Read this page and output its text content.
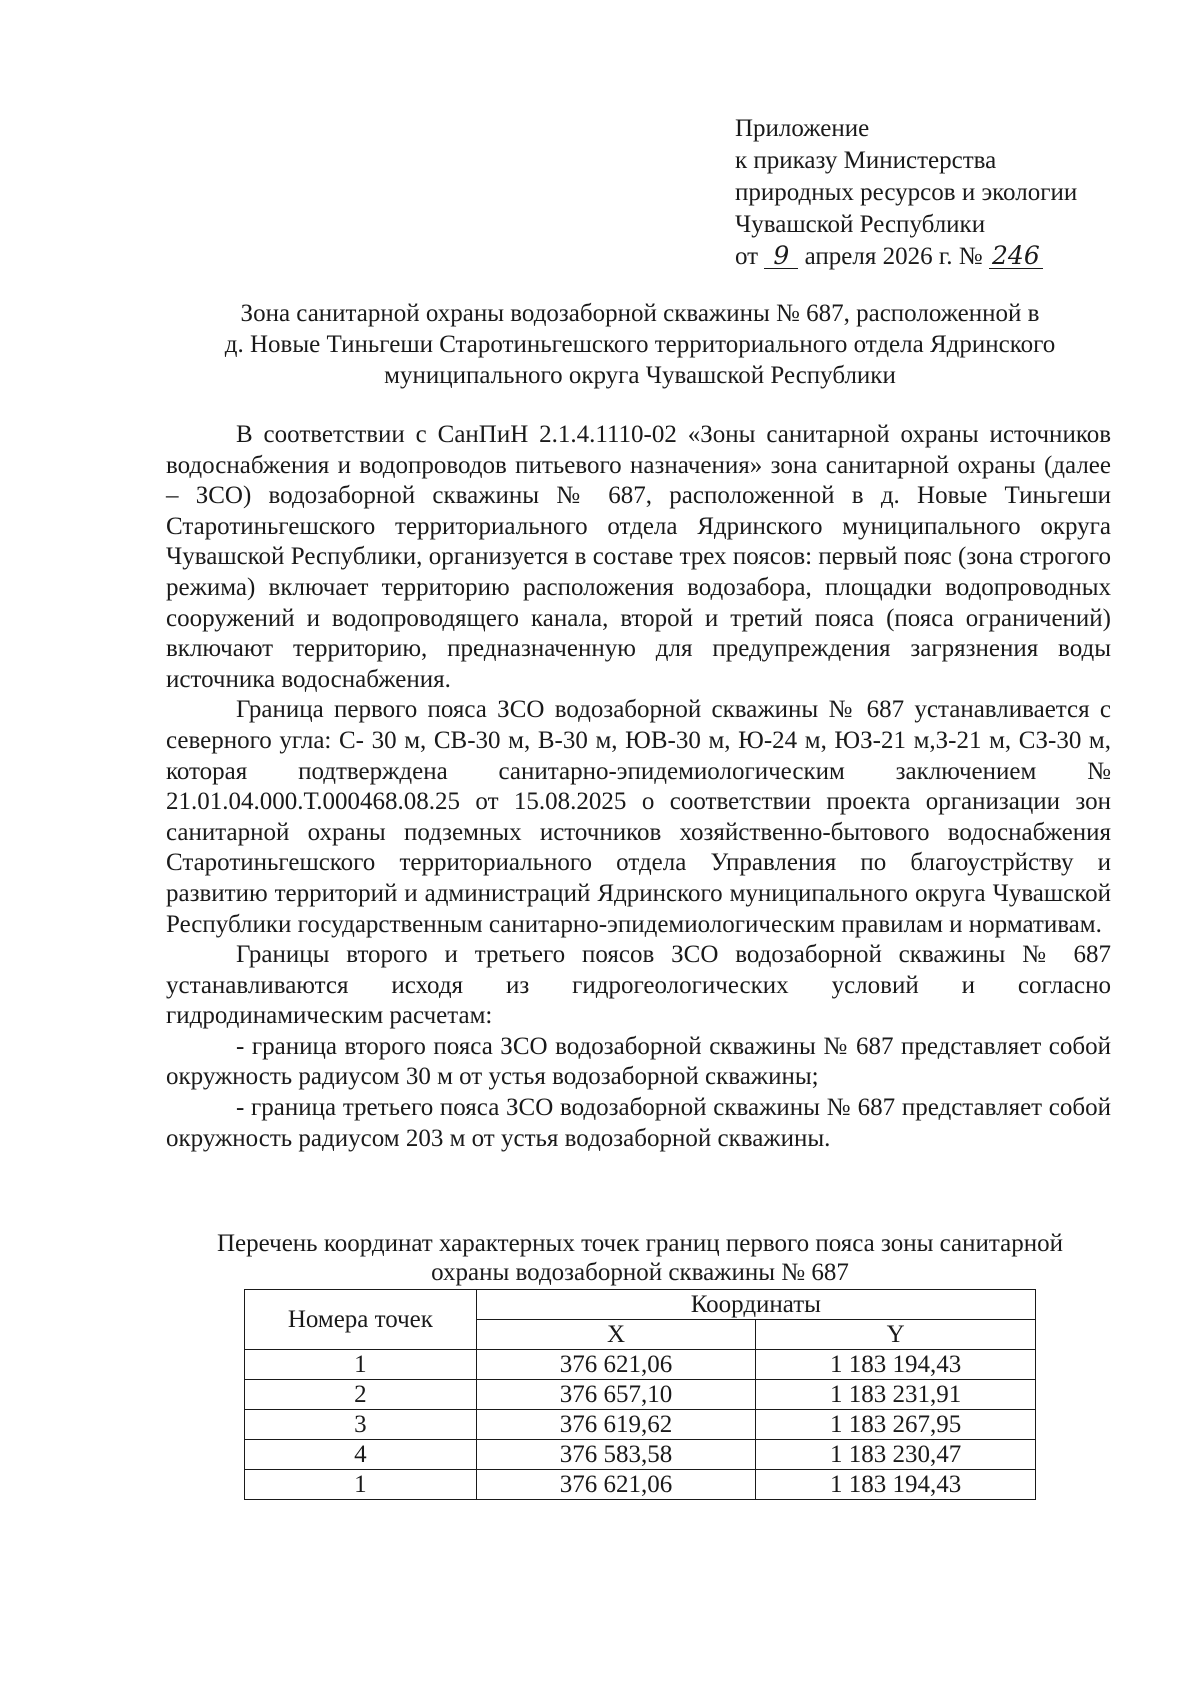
Приложение
к приказу Министерства
природных ресурсов и экологии
Чувашской Республики
от 9 апреля 2026 г. № 246
Зона санитарной охраны водозаборной скважины № 687, расположенной в
д. Новые Тиньгеши Старотиньгешского территориального отдела Ядринского
муниципального округа Чувашской Республики

В соответствии с СанПиН 2.1.4.1110-02 «Зоны санитарной охраны источников водоснабжения и водопроводов питьевого назначения» зона санитарной охраны (далее – ЗСО) водозаборной скважины № 687, расположенной в д. Новые Тиньгеши Старотиньгешского территориального отдела Ядринского муниципального округа Чувашской Республики, организуется в составе трех поясов: первый пояс (зона строгого режима) включает территорию расположения водозабора, площадки водопроводных сооружений и водопроводящего канала, второй и третий пояса (пояса ограничений) включают территорию, предназначенную для предупреждения загрязнения воды источника водоснабжения.

Граница первого пояса ЗСО водозаборной скважины № 687 устанавливается с северного угла: С- 30 м, СВ-30 м, В-30 м, ЮВ-30 м, Ю-24 м, ЮЗ-21 м,З-21 м, СЗ-30 м, которая подтверждена санитарно-эпидемиологическим заключением № 21.01.04.000.Т.000468.08.25 от 15.08.2025 о соответствии проекта организации зон санитарной охраны подземных источников хозяйственно-бытового водоснабжения Старотиньгешского территориального отдела Управления по благоустрйству и развитию территорий и администраций Ядринского муниципального округа Чувашской Республики государственным санитарно-эпидемиологическим правилам и нормативам.

Границы второго и третьего поясов ЗСО водозаборной скважины № 687 устанавливаются исходя из гидрогеологических условий и согласно гидродинамическим расчетам:

- граница второго пояса ЗСО водозаборной скважины № 687 представляет собой окружность радиусом 30 м от устья водозаборной скважины;

- граница третьего пояса ЗСО водозаборной скважины № 687 представляет собой окружность радиусом 203 м от устья водозаборной скважины.

Перечень координат характерных точек границ первого пояса зоны санитарной
охраны водозаборной скважины № 687
Номера точек	Координаты	
	X	Y
1	376 621,06	1 183 194,43
2	376 657,10	1 183 231,91
3	376 619,62	1 183 267,95
4	376 583,58	1 183 230,47
1	376 621,06	1 183 194,43
